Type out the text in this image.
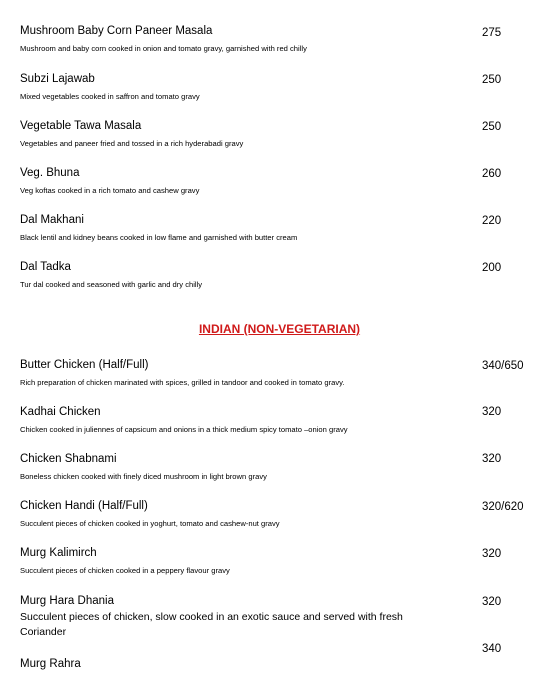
Mushroom Baby Corn Paneer Masala
Mushroom and baby corn cooked in onion and tomato gravy, garnished with red chilly
275
Subzi Lajawab
Mixed vegetables cooked in saffron and tomato gravy
250
Vegetable Tawa Masala
Vegetables and paneer fried and tossed in a rich hyderabadi gravy
250
Veg. Bhuna
Veg koftas cooked in a rich tomato and cashew gravy
260
Dal Makhani
Black lentil and kidney beans cooked in low flame and garnished with butter cream
220
Dal Tadka
Tur dal cooked and seasoned with garlic and dry chilly
200
INDIAN (NON-VEGETARIAN)
Butter Chicken (Half/Full)
Rich preparation of chicken marinated with spices, grilled in tandoor and cooked in tomato gravy.
340/650
Kadhai Chicken
Chicken cooked in juliennes of capsicum and onions in a thick medium spicy tomato –onion gravy
320
Chicken Shabnami
Boneless chicken cooked with finely diced mushroom in light brown gravy
320
Chicken Handi (Half/Full)
Succulent pieces of chicken cooked in yoghurt, tomato and cashew-nut gravy
320/620
Murg Kalimirch
Succulent pieces of chicken cooked in a peppery flavour gravy
320
Murg Hara Dhania
Succulent pieces of chicken, slow cooked in an exotic sauce and served with fresh Coriander
320
340
Murg Rahra
